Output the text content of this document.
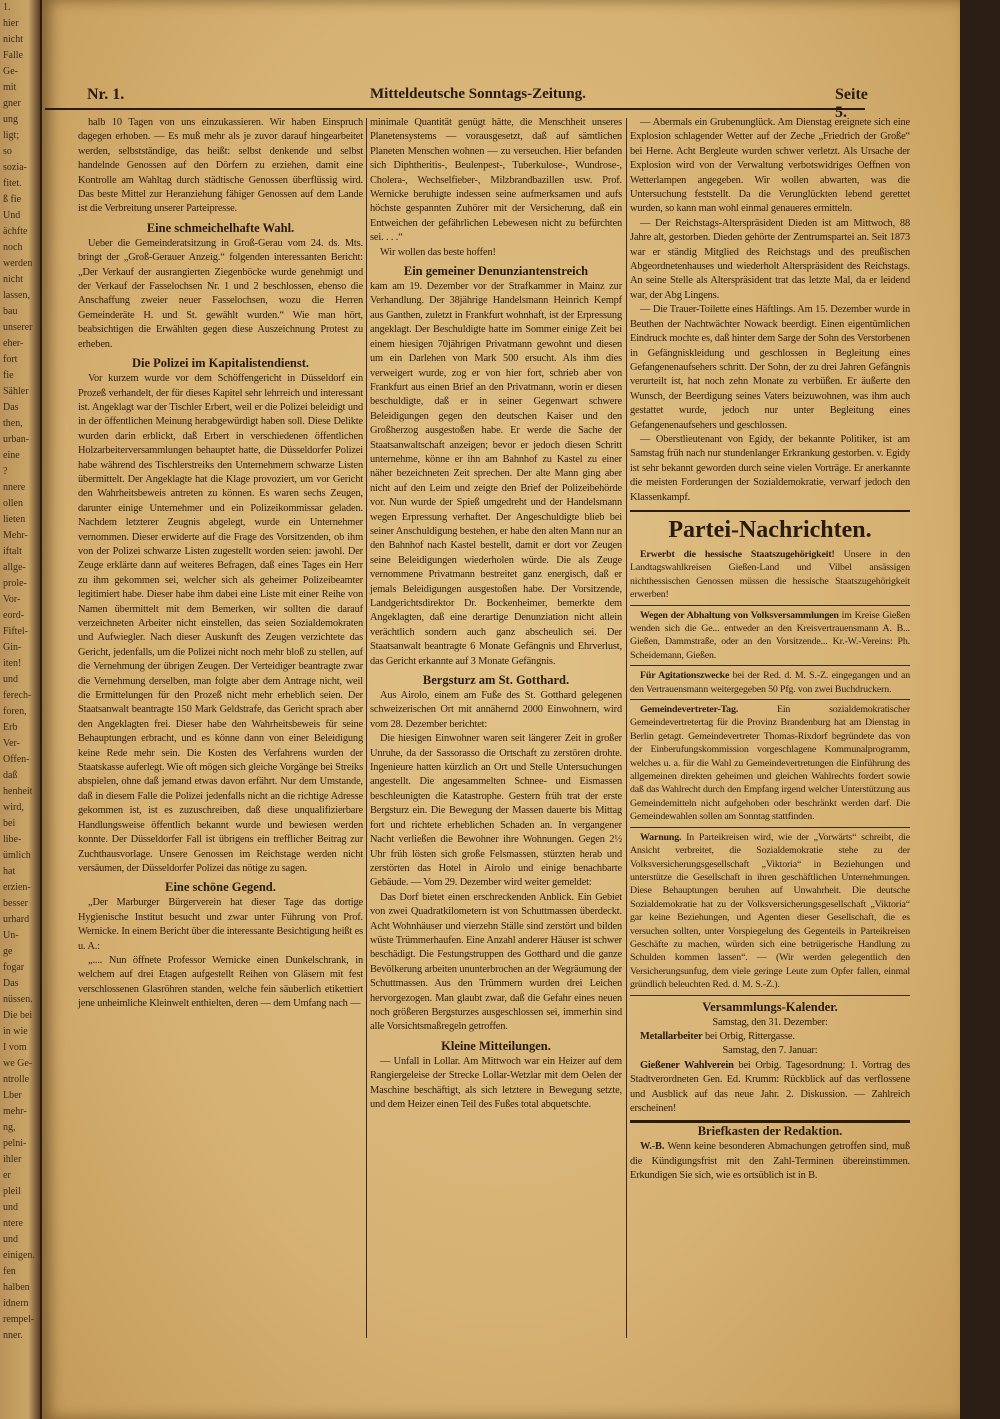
1.
hier
nicht
Falle
Ge-
mit
gner
ung
ligt;
so
sozia-
fitet.
ß fie
Und
ächfte
noch
werden
nicht
lassen,
bau
unserer
eher-
fort
fie
Sähler
Das
then,
urban-
eine
?
nnere
ollen
lieten
Mehr-
iftalt
allge-
prole-
Vor-
eord-
Fiftel-
Gin-
iten!
und
ferech-
foren,
Erb
Ver-
Offen-
daß
henheit
wird,
bei
libe-
ümlich
hat
erzien-
besser
urhard
Un-
ge
fogar
Das
nüssen.
Die bei
in wie
I vom
we Ge-
ntrolle
Lber
mehr-
ng,
pelni-
ihler
er
pleil
und
ntere
und
einigen.
fen
halben
idnern
rempel-
nner.
Nr. 1.	Mitteldeutsche Sonntags-Zeitung.	Seite 5.

halb 10 Tagen von uns einzukassieren. Wir haben Einspruch dagegen erhoben. — Es muß mehr als je zuvor darauf hingearbeitet werden, selbstständige, das heißt: selbst denkende und selbst handelnde Genossen auf den Dörfern zu erziehen, damit eine Kontrolle am Wahltag durch städtische Genossen überflüssig wird. Das beste Mittel zur Heranziehung fähiger Genossen auf dem Lande ist die Verbreitung unserer Parteipresse.

Eine schmeichelhafte Wahl.

Ueber die Gemeinderatsitzung in Groß-Gerau vom 24. ds. Mts. bringt der „Groß-Gerauer Anzeig.“ folgenden interessanten Bericht: „Der Verkauf der ausrangierten Ziegenböcke wurde genehmigt und der Verkauf der Fasselochsen Nr. 1 und 2 beschlossen, ebenso die Anschaffung zweier neuer Fasselochsen, wozu die Herren Gemeinderäte H. und St. gewählt wurden.“ Wie man hört, beabsichtigen die Erwählten gegen diese Auszeichnung Protest zu erheben.

Die Polizei im Kapitalistendienst.

Vor kurzem wurde vor dem Schöffengericht in Düsseldorf ein Prozeß verhandelt, der für dieses Kapitel sehr lehrreich und interessant ist. Angeklagt war der Tischler Erbert, weil er die Polizei beleidigt und in der öffentlichen Meinung herabgewürdigt haben soll. Diese Delikte wurden darin erblickt, daß Erbert in verschiedenen öffentlichen Holzarbeiterversammlungen behauptet hatte, die Düsseldorfer Polizei habe während des Tischlerstreiks den Unternehmern schwarze Listen übermittelt. Der Angeklagte hat die Klage provoziert, um vor Gericht den Wahrheitsbeweis antreten zu können. Es waren sechs Zeugen, darunter einige Unternehmer und ein Polizeikommissar geladen. Nachdem letzterer Zeugnis abgelegt, wurde ein Unternehmer vernommen. Dieser erwiderte auf die Frage des Vorsitzenden, ob ihm von der Polizei schwarze Listen zugestellt worden seien: jawohl. Der Zeuge erklärte dann auf weiteres Befragen, daß eines Tages ein Herr zu ihm gekommen sei, welcher sich als geheimer Polizeibeamter legitimiert habe. Dieser habe ihm dabei eine Liste mit einer Reihe von Namen übermittelt mit dem Bemerken, wir sollten die darauf verzeichneten Arbeiter nicht einstellen, das seien Sozialdemokraten und Aufwiegler. Nach dieser Auskunft des Zeugen verzichtete das Gericht, jedenfalls, um die Polizei nicht noch mehr bloß zu stellen, auf die Vernehmung der übrigen Zeugen. Der Verteidiger beantragte zwar die Vernehmung derselben, man folgte aber dem Antrage nicht, weil die Ermittelungen für den Prozeß nicht mehr erheblich seien. Der Staatsanwalt beantragte 150 Mark Geldstrafe, das Gericht sprach aber den Angeklagten frei. Dieser habe den Wahrheitsbeweis für seine Behauptungen erbracht, und es könne dann von einer Beleidigung keine Rede mehr sein. Die Kosten des Verfahrens wurden der Staatskasse auferlegt. Wie oft mögen sich gleiche Vorgänge bei Streiks abspielen, ohne daß jemand etwas davon erfährt. Nur dem Umstande, daß in diesem Falle die Polizei jedenfalls nicht an die richtige Adresse gekommen ist, ist es zuzuschreiben, daß diese unqualifizierbare Handlungsweise öffentlich bekannt wurde und bewiesen werden konnte. Der Düsseldorfer Fall ist übrigens ein trefflicher Beitrag zur Zuchthausvorlage. Unsere Genossen im Reichstage werden nicht versäumen, der Düsseldorfer Polizei das nötige zu sagen.

Eine schöne Gegend.

„Der Marburger Bürgerverein hat dieser Tage das dortige Hygienische Institut besucht und zwar unter Führung von Prof. Wernicke. In einem Bericht über die interessante Besichtigung heißt es u. A.:

„.... Nun öffnete Professor Wernicke einen Dunkelschrank, in welchem auf drei Etagen aufgestellt Reihen von Gläsern mit fest verschlossenen Glasröhren standen, welche fein säuberlich etikettiert jene unheimliche Kleinwelt enthielten, deren — dem Umfang nach —

minimale Quantität genügt hätte, die Menschheit unseres Planetensystems — vorausgesetzt, daß auf sämtlichen Planeten Menschen wohnen — zu verseuchen. Hier befanden sich Diphtheritis-, Beulenpest-, Tuberkulose-, Wundrose-, Cholera-, Wechselfieber-, Milzbrandbazillen usw. Prof. Wernicke beruhigte indessen seine aufmerksamen und aufs höchste gespannten Zuhörer mit der Versicherung, daß ein Entweichen der gefährlichen Lebewesen nicht zu befürchten sei. . . .“

Wir wollen das beste hoffen!

Ein gemeiner Denunziantenstreich

kam am 19. Dezember vor der Strafkammer in Mainz zur Verhandlung. Der 38jährige Handelsmann Heinrich Kempf aus Ganthen, zuletzt in Frankfurt wohnhaft, ist der Erpressung angeklagt. Der Beschuldigte hatte im Sommer einige Zeit bei einem hiesigen 70jährigen Privatmann gewohnt und diesen um ein Darlehen von Mark 500 ersucht. Als ihm dies verweigert wurde, zog er von hier fort, schrieb aber von Frankfurt aus einen Brief an den Privatmann, worin er diesen beschuldigte, daß er in seiner Gegenwart schwere Beleidigungen gegen den deutschen Kaiser und den Großherzog ausgestoßen habe. Er werde die Sache der Staatsanwaltschaft anzeigen; bevor er jedoch diesen Schritt unternehme, könne er ihn am Bahnhof zu Kastel zu einer näher bezeichneten Zeit sprechen. Der alte Mann ging aber nicht auf den Leim und zeigte den Brief der Polizeibehörde vor. Nun wurde der Spieß umgedreht und der Handelsmann wegen Erpressung verhaftet. Der Angeschuldigte blieb bei seiner Anschuldigung bestehen, er habe den alten Mann nur an den Bahnhof nach Kastel bestellt, damit er dort vor Zeugen seine Beleidigungen wiederholen würde. Die als Zeuge vernommene Privatmann bestreitet ganz energisch, daß er jemals Beleidigungen ausgestoßen habe. Der Vorsitzende, Landgerichtsdirektor Dr. Bockenheimer, bemerkte dem Angeklagten, daß eine derartige Denunziation nicht allein verächtlich sondern auch ganz abscheulich sei. Der Staatsanwalt beantragte 6 Monate Gefängnis und Ehrverlust, das Gericht erkannte auf 3 Monate Gefängnis.

Bergsturz am St. Gotthard.

Aus Airolo, einem am Fuße des St. Gotthard gelegenen schweizerischen Ort mit annähernd 2000 Einwohnern, wird vom 28. Dezember berichtet:

Die hiesigen Einwohner waren seit längerer Zeit in großer Unruhe, da der Sassorasso die Ortschaft zu zerstören drohte. Ingenieure hatten kürzlich an Ort und Stelle Untersuchungen angestellt. Die angesammelten Schnee- und Eismassen beschleunigten die Katastrophe. Gestern früh trat der erste Bergsturz ein. Die Bewegung der Massen dauerte bis Mittag fort und richtete erheblichen Schaden an. In vergangener Nacht verließen die Bewohner ihre Wohnungen. Gegen 2½ Uhr früh lösten sich große Felsmassen, stürzten herab und zerstörten das Hotel in Airolo und einige benachbarte Gebäude. — Vom 29. Dezember wird weiter gemeldet:

Das Dorf bietet einen erschreckenden Anblick. Ein Gebiet von zwei Quadratkilometern ist von Schuttmassen überdeckt. Acht Wohnhäuser und vierzehn Ställe sind zerstört und bilden wüste Trümmerhaufen. Eine Anzahl anderer Häuser ist schwer beschädigt. Die Festungstruppen des Gotthard und die ganze Bevölkerung arbeiten ununterbrochen an der Wegräumung der Schuttmassen. Aus den Trümmern wurden drei Leichen hervorgezogen. Man glaubt zwar, daß die Gefahr eines neuen noch größeren Bergsturzes ausgeschlossen sei, immerhin sind alle Vorsichtsmaßregeln getroffen.

Kleine Mitteilungen.

— Unfall in Lollar. Am Mittwoch war ein Heizer auf dem Rangiergeleise der Strecke Lollar-Wetzlar mit dem Oelen der Maschine beschäftigt, als sich letztere in Bewegung setzte, und dem Heizer einen Teil des Fußes total abquetschte.

— Abermals ein Grubenunglück. Am Dienstag ereignete sich eine Explosion schlagender Wetter auf der Zeche „Friedrich der Große“ bei Herne. Acht Bergleute wurden schwer verletzt. Als Ursache der Explosion wird von der Verwaltung verbotswidriges Oeffnen von Wetterlampen angegeben. Wir wollen abwarten, was die Untersuchung feststellt. Da die Verunglückten lebend gerettet wurden, so kann man wohl einmal genaueres ermitteln.

— Der Reichstags-Alterspräsident Dieden ist am Mittwoch, 88 Jahre alt, gestorben. Dieden gehörte der Zentrumspartei an. Seit 1873 war er ständig Mitglied des Reichstags und des preußischen Abgeordnetenhauses und wiederholt Alterspräsident des Reichstags. An seine Stelle als Alterspräsident trat das letzte Mal, da er leidend war, der Abg Lingens.

— Die Trauer-Toilette eines Häftlings. Am 15. Dezember wurde in Beuthen der Nachtwächter Nowack beerdigt. Einen eigentümlichen Eindruck mochte es, daß hinter dem Sarge der Sohn des Verstorbenen in Gefängniskleidung und geschlossen in Begleitung eines Gefangenenaufsehers schritt. Der Sohn, der zu drei Jahren Gefängnis verurteilt ist, hat noch zehn Monate zu verbüßen. Er äußerte den Wunsch, der Beerdigung seines Vaters beizuwohnen, was ihm auch gestattet wurde, jedoch nur unter Begleitung eines Gefangenenaufsehers und geschlossen.

— Oberstlieutenant von Egidy, der bekannte Politiker, ist am Samstag früh nach nur stundenlanger Erkrankung gestorben. v. Egidy ist sehr bekannt geworden durch seine vielen Vorträge. Er anerkannte die meisten Forderungen der Sozialdemokratie, verwarf jedoch den Klassenkampf.

Partei-Nachrichten.

Erwerbt die hessische Staatszugehörigkeit! Unsere in den Landtagswahlkreisen Gießen-Land und Vilbel ansässigen nichthessischen Genossen müssen die hessische Staatszugehörigkeit erwerben!

Wegen der Abhaltung von Volksversammlungen im Kreise Gießen wenden sich die Ge... entweder an den Kreisvertrauensmann A. B... Gießen, Dammstraße, oder an den Vorsitzende... Kr.-W.-Vereins: Ph. Scheidemann, Gießen.

Für Agitationszwecke bei der Red. d. M. S.-Z. eingegangen und an den Vertrauensmann weitergegeben 50 Pfg. von zwei Buchdruckern.

Gemeindevertreter-Tag.	Ein sozialdemokratischer Gemeindevertretertag für die Provinz Brandenburg hat am Dienstag in Berlin getagt. Gemeindevertreter Thomas-Rixdorf begründete das von der Einberufungskommission vorgeschlagene Kommunalprogramm, welches u. a. für die Wahl zu Gemeindevertretungen die Einführung des allgemeinen direkten geheimen und gleichen Wahlrechts fordert sowie daß das Wahlrecht durch den Empfang irgend welcher Unterstützung aus Gemeindemitteln nicht aufgehoben oder beschränkt werden darf. Die Gemeindewahlen sollen am Sonntag stattfinden.

Warnung. In Parteikreisen wird, wie der „Vorwärts“ schreibt, die Ansicht verbreitet, die Sozialdemokratie stehe zu der Volksversicherungsgesellschaft „Viktoria“ in Beziehungen und unterstütze die Gesellschaft in ihren geschäftlichen Unternehmungen. Diese Behauptungen beruhen auf Unwahrheit. Die deutsche Sozialdemokratie hat zu der Volksversicherungsgesellschaft „Viktoria“ gar keine Beziehungen, und Agenten dieser Gesellschaft, die es versuchen sollten, unter Vorspiegelung des Gegenteils in Parteikreisen Geschäfte zu machen, würden sich eine betrügerische Handlung zu Schulden kommen lassen“. — (Wir werden gelegentlich den Versicherungsunfug, dem viele geringe Leute zum Opfer fallen, einmal gründlich beleuchten Red. d. M. S.-Z.).

Versammlungs-Kalender.

Samstag, den 31. Dezember:

Metallarbeiter bei Orbig, Rittergasse.

Samstag, den 7. Januar:

Gießener Wahlverein bei Orbig. Tagesordnung: 1. Vortrag des Stadtverordneten Gen. Ed. Krumm: Rückblick auf das verflossene und Ausblick auf das neue Jahr. 2. Diskussion. — Zahlreich erscheinen!

Briefkasten der Redaktion.

W.-B. Wenn keine besonderen Abmachungen getroffen sind, muß die Kündigungsfrist mit den Zahl-Terminen übereinstimmen. Erkundigen Sie sich, wie es ortsüblich ist in B.
